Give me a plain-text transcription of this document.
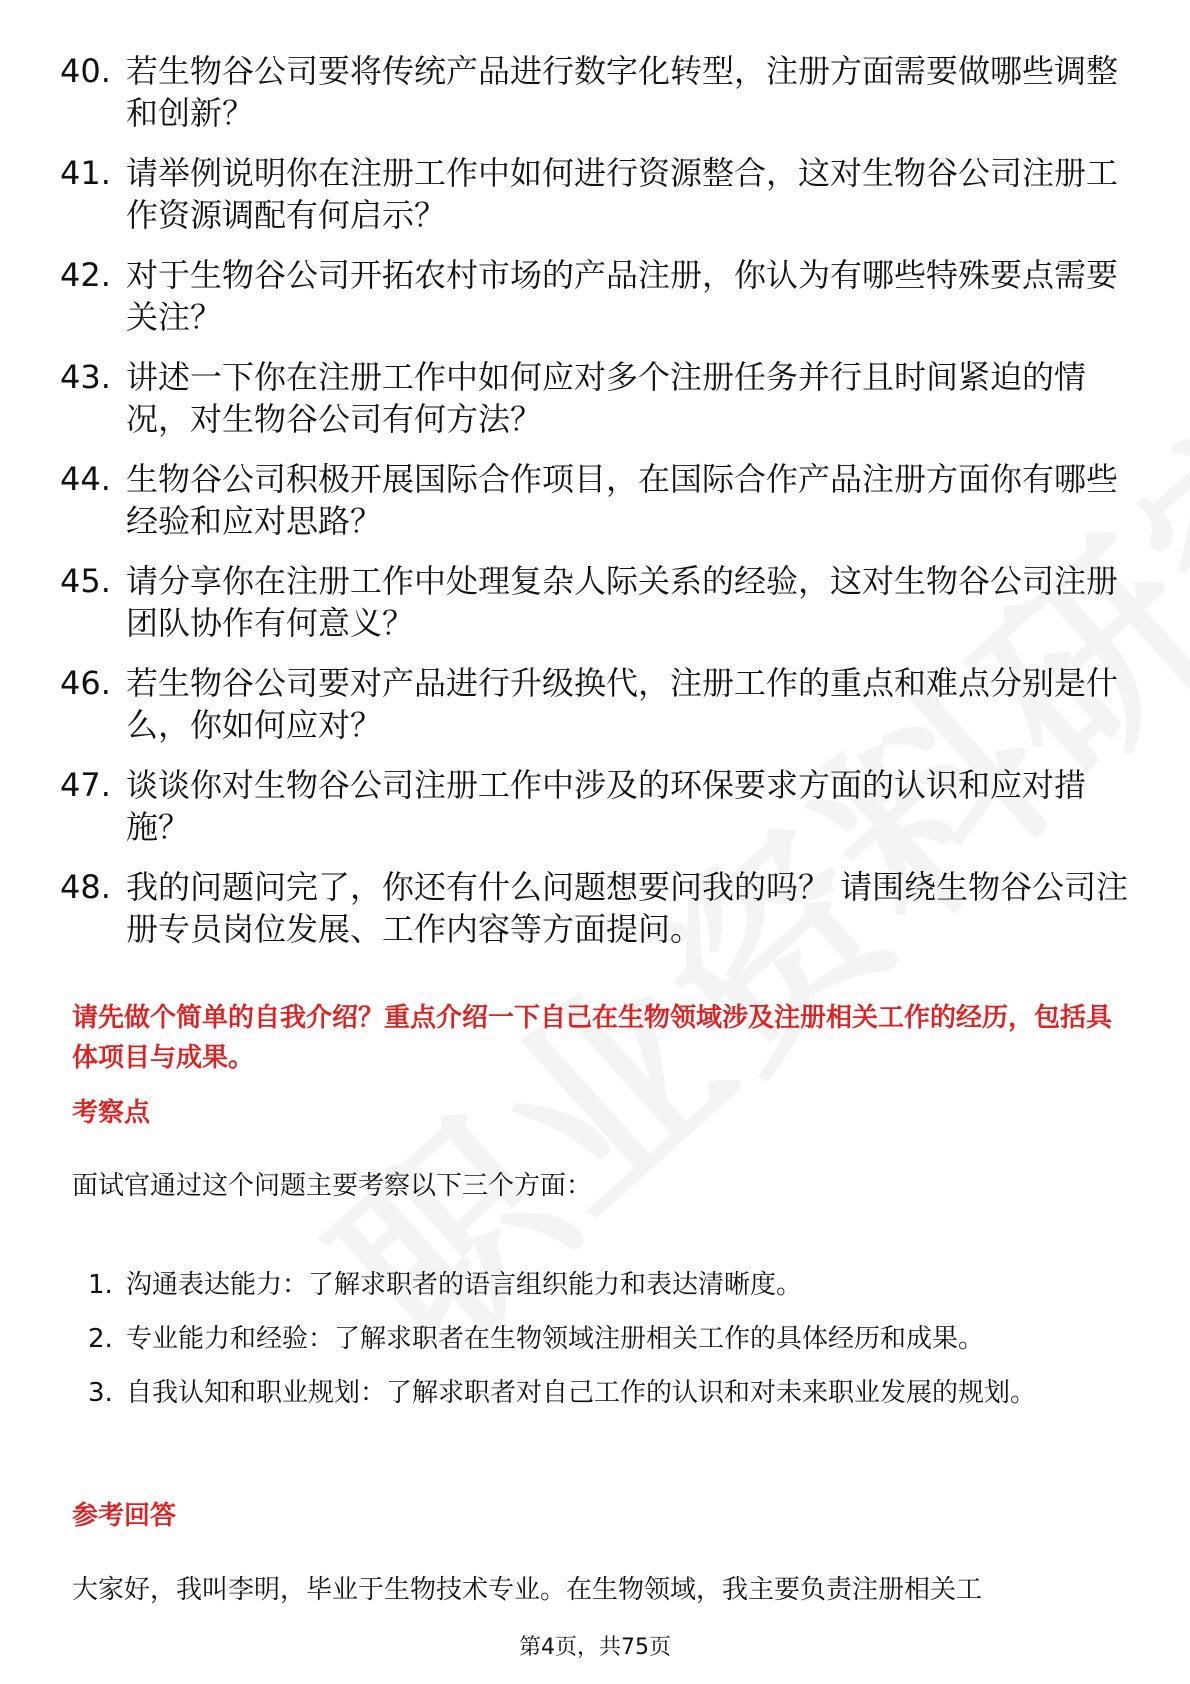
40. 若生物谷公司要将传统产品进行数字化转型，注册方面需要做哪些调整和创新？
41. 请举例说明你在注册工作中如何进行资源整合，这对生物谷公司注册工作资源调配有何启示？
42. 对于生物谷公司开拓农村市场的产品注册，你认为有哪些特殊要点需要关注？
43. 讲述一下你在注册工作中如何应对多个注册任务并行且时间紧迫的情况，对生物谷公司有何方法？
44. 生物谷公司积极开展国际合作项目，在国际合作产品注册方面你有哪些经验和应对思路？
45. 请分享你在注册工作中处理复杂人际关系的经验，这对生物谷公司注册团队协作有何意义？
46. 若生物谷公司要对产品进行升级换代，注册工作的重点和难点分别是什么，你如何应对？
47. 谈谈你对生物谷公司注册工作中涉及的环保要求方面的认识和应对措施？
48. 我的问题问完了，你还有什么问题想要问我的吗？ 请围绕生物谷公司注册专员岗位发展、工作内容等方面提问。
请先做个简单的自我介绍？重点介绍一下自己在生物领域涉及注册相关工作的经历，包括具体项目与成果。
考察点
面试官通过这个问题主要考察以下三个方面：
1. 沟通表达能力：了解求职者的语言组织能力和表达清晰度。
2. 专业能力和经验：了解求职者在生物领域注册相关工作的具体经历和成果。
3. 自我认知和职业规划：了解求职者对自己工作的认识和对未来职业发展的规划。
参考回答
大家好，我叫李明，毕业于生物技术专业。在生物领域，我主要负责注册相关工
第4页，共75页
